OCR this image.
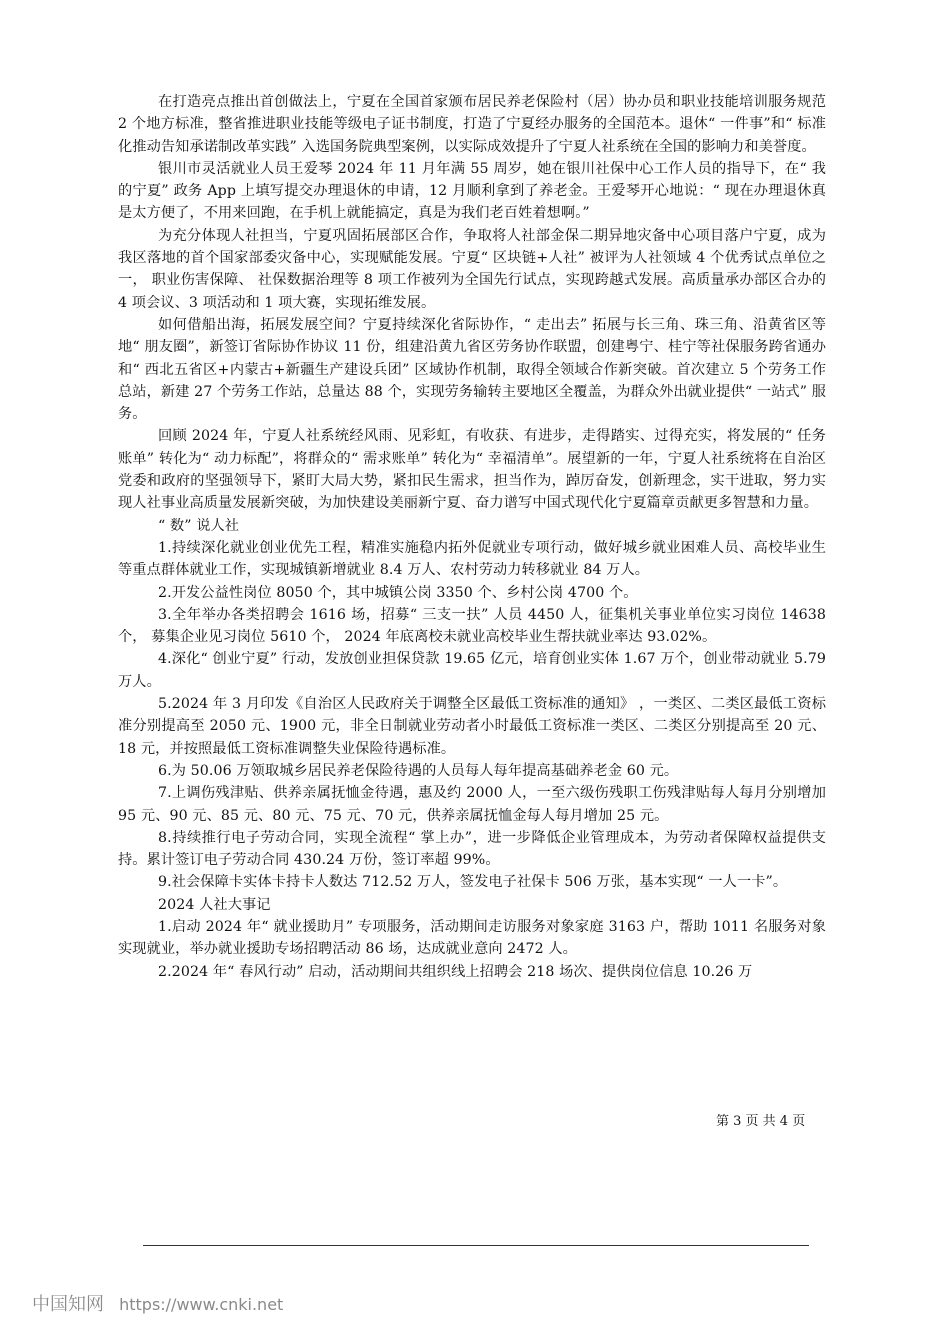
在打造亮点推出首创做法上，宁夏在全国首家颁布居民养老保险村（居）协办员和职业技能培训服务规范 2 个地方标准，整省推进职业技能等级电子证书制度，打造了宁夏经办服务的全国范本。退休“ 一件事”和“ 标准化推动告知承诺制改革实践” 入选国务院典型案例，以实际成效提升了宁夏人社系统在全国的影响力和美誉度。

银川市灵活就业人员王爱琴 2024 年 11 月年满 55 周岁，她在银川社保中心工作人员的指导下，在“ 我的宁夏” 政务 App 上填写提交办理退休的申请，12 月顺利拿到了养老金。王爱琴开心地说：“ 现在办理退休真是太方便了，不用来回跑，在手机上就能搞定，真是为我们老百姓着想啊。”

为充分体现人社担当，宁夏巩固拓展部区合作，争取将人社部金保二期异地灾备中心项目落户宁夏，成为我区落地的首个国家部委灾备中心，实现赋能发展。宁夏“ 区块链+人社” 被评为人社领域 4 个优秀试点单位之一， 职业伤害保障、 社保数据治理等 8 项工作被列为全国先行试点，实现跨越式发展。高质量承办部区合办的 4 项会议、3 项活动和 1 项大赛，实现拓维发展。

如何借船出海，拓展发展空间？宁夏持续深化省际协作，“ 走出去” 拓展与长三角、珠三角、沿黄省区等地“ 朋友圈”，新签订省际协作协议 11 份，组建沿黄九省区劳务协作联盟，创建粤宁、桂宁等社保服务跨省通办和“ 西北五省区+内蒙古+新疆生产建设兵团” 区域协作机制，取得全领域合作新突破。首次建立 5 个劳务工作总站，新建 27 个劳务工作站，总量达 88 个，实现劳务输转主要地区全覆盖，为群众外出就业提供“ 一站式” 服务。

回顾 2024 年，宁夏人社系统经风雨、见彩虹，有收获、有进步，走得踏实、过得充实，将发展的“ 任务账单” 转化为“ 动力标配”，将群众的“ 需求账单” 转化为“ 幸福清单”。展望新的一年，宁夏人社系统将在自治区党委和政府的坚强领导下，紧盯大局大势，紧扣民生需求，担当作为，踔厉奋发，创新理念，实干进取，努力实现人社事业高质量发展新突破，为加快建设美丽新宁夏、奋力谱写中国式现代化宁夏篇章贡献更多智慧和力量。

“ 数” 说人社

1.持续深化就业创业优先工程，精准实施稳内拓外促就业专项行动，做好城乡就业困难人员、高校毕业生等重点群体就业工作，实现城镇新增就业 8.4 万人、农村劳动力转移就业 84 万人。

2.开发公益性岗位 8050 个，其中城镇公岗 3350 个、乡村公岗 4700 个。

3.全年举办各类招聘会 1616 场，招募“ 三支一扶” 人员 4450 人，征集机关事业单位实习岗位 14638 个， 募集企业见习岗位 5610 个， 2024 年底离校未就业高校毕业生帮扶就业率达 93.02%。

4.深化“ 创业宁夏” 行动，发放创业担保贷款 19.65 亿元，培育创业实体 1.67 万个，创业带动就业 5.79 万人。

5.2024 年 3 月印发《自治区人民政府关于调整全区最低工资标准的通知》 ，一类区、二类区最低工资标准分别提高至 2050 元、1900 元，非全日制就业劳动者小时最低工资标准一类区、二类区分别提高至 20 元、18 元，并按照最低工资标准调整失业保险待遇标准。

6.为 50.06 万领取城乡居民养老保险待遇的人员每人每年提高基础养老金 60 元。

7.上调伤残津贴、供养亲属抚恤金待遇，惠及约 2000 人，一至六级伤残职工伤残津贴每人每月分别增加 95 元、90 元、85 元、80 元、75 元、70 元，供养亲属抚恤金每人每月增加 25 元。

8.持续推行电子劳动合同，实现全流程“ 掌上办”，进一步降低企业管理成本，为劳动者保障权益提供支持。累计签订电子劳动合同 430.24 万份，签订率超 99%。

9.社会保障卡实体卡持卡人数达 712.52 万人，签发电子社保卡 506 万张，基本实现“ 一人一卡”。

2024 人社大事记

1.启动 2024 年“ 就业援助月” 专项服务，活动期间走访服务对象家庭 3163 户，帮助 1011 名服务对象实现就业，举办就业援助专场招聘活动 86 场，达成就业意向 2472 人。

2.2024 年“ 春风行动” 启动，活动期间共组织线上招聘会 218 场次、提供岗位信息 10.26 万

第 3 页 共 4 页
中国知网 https://www.cnki.net
